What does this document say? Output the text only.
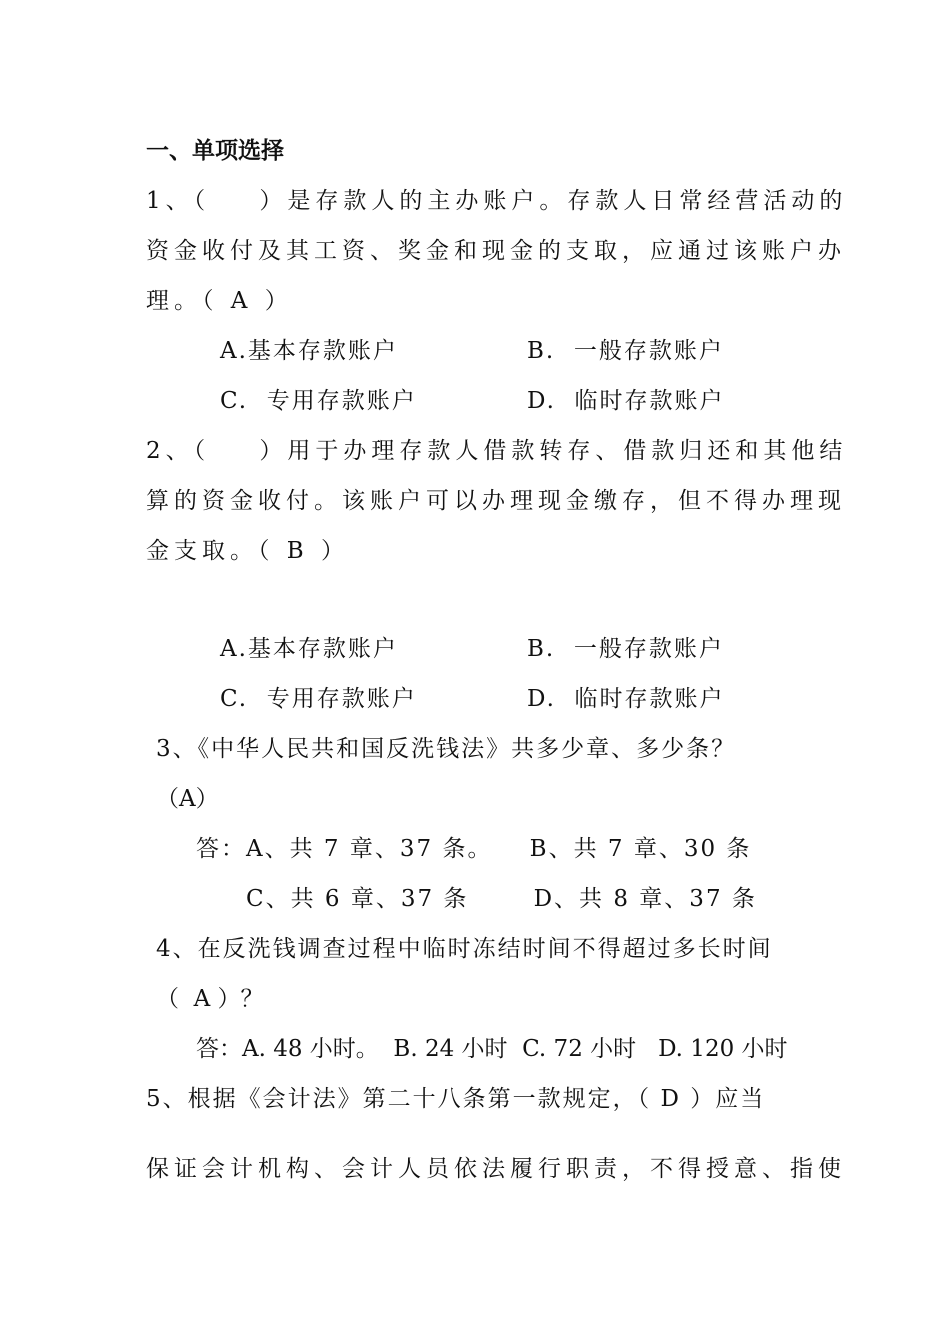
一、单项选择
1、（    ）是存款人的主办账户。存款人日常经营活动的
资金收付及其工资、奖金和现金的支取，应通过该账户办
理。（ A ）
A.基本存款账户	B.  一般存款账户
C.  专用存款账户	D.  临时存款账户
2、（    ）用于办理存款人借款转存、借款归还和其他结
算的资金收付。该账户可以办理现金缴存，但不得办理现
金支取。（ B ）
A.基本存款账户	B.  一般存款账户
C.  专用存款账户	D.  临时存款账户
3、《中华人民共和国反洗钱法》共多少章、多少条？
（A）
答：A、共 7 章、37 条。    B、共 7 章、30 条
C、共 6 章、37 条       D、共 8 章、37 条
4、在反洗钱调查过程中临时冻结时间不得超过多长时间
（  A ）？
答：A. 48 小时。  B. 24 小时  C. 72 小时   D. 120 小时
5、根据《会计法》第二十八条第一款规定，（ D ）应当
保证会计机构、会计人员依法履行职责，不得授意、指使
